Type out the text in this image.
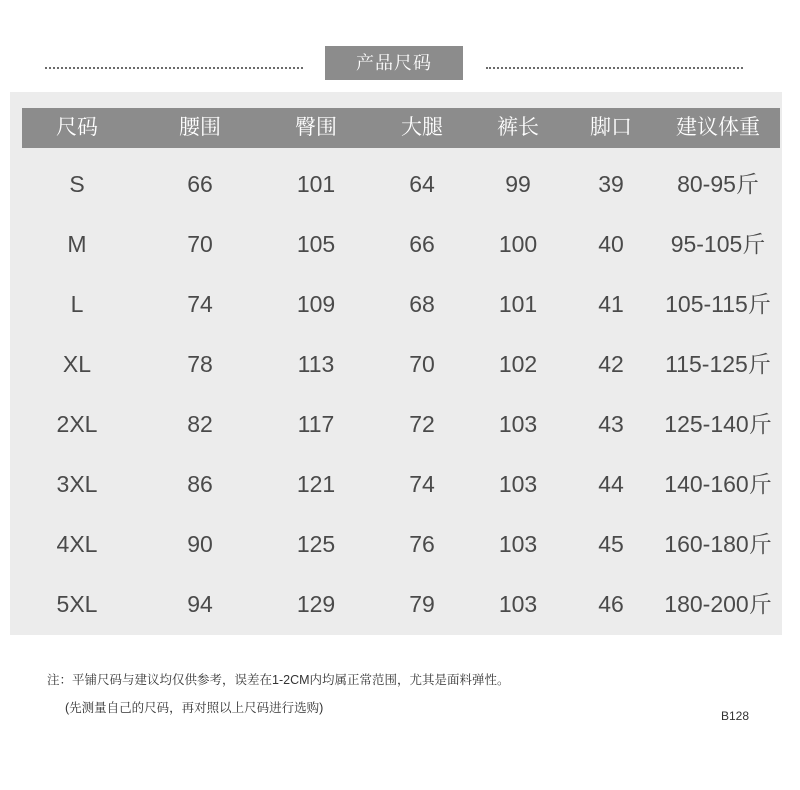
产品尺码
尺码	腰围	臀围	大腿	裤长	脚口	建议体重
S	66	101	64	99	39	80-95斤
M	70	105	66	100	40	95-105斤
L	74	109	68	101	41	105-115斤
XL	78	113	70	102	42	115-125斤
2XL	82	117	72	103	43	125-140斤
3XL	86	121	74	103	44	140-160斤
4XL	90	125	76	103	45	160-180斤
5XL	94	129	79	103	46	180-200斤
注：平铺尺码与建议均仅供参考，误差在1-2CM内均属正常范围，尤其是面料弹性。
(先测量自己的尺码，再对照以上尺码进行选购)
B128
